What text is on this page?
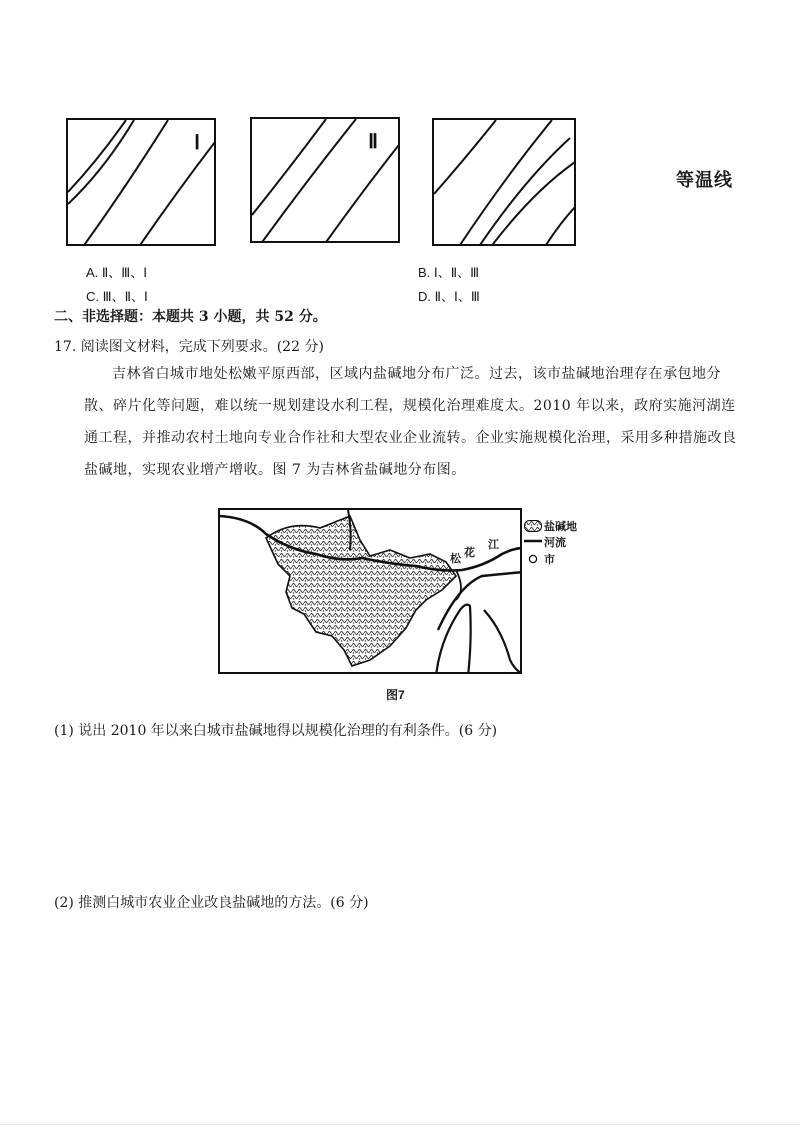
Ⅰ	Ⅱ
等温线
A. Ⅱ、Ⅲ、Ⅰ	B. Ⅰ、Ⅱ、Ⅲ
C. Ⅲ、Ⅱ、Ⅰ	D. Ⅱ、Ⅰ、Ⅲ
二、非选择题：本题共 3 小题，共 52 分。
17. 阅读图文材料，完成下列要求。(22 分)
吉林省白城市地处松嫩平原西部，区域内盐碱地分布广泛。过去，该市盐碱地治理存在承包地分散、碎片化等问题，难以统一规划建设水利工程，规模化治理难度太。2010 年以来，政府实施河湖连通工程，并推动农村土地向专业合作社和大型农业企业流转。企业实施规模化治理，采用多种措施改良盐碱地，实现农业增产增收。图 7 为吉林省盐碱地分布图。
松 花
江
盐碱地
河流
市
图7
(1) 说出 2010 年以来白城市盐碱地得以规模化治理的有利条件。(6 分)
(2) 推测白城市农业企业改良盐碱地的方法。(6 分)
